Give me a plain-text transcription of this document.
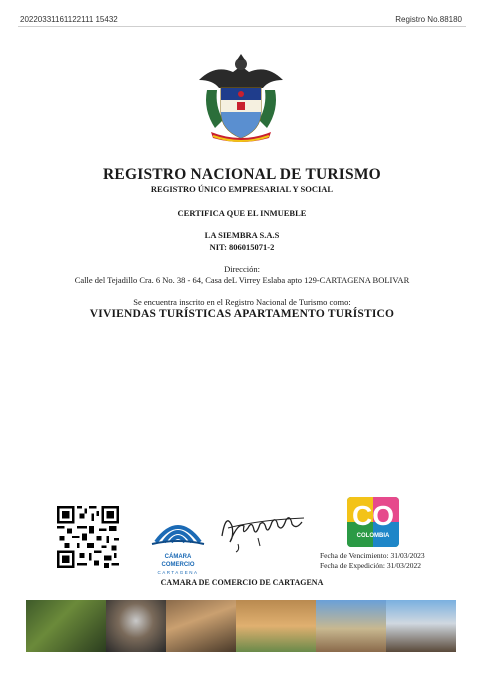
20220331161122111 15432	Registro No.88180
REGISTRO NACIONAL DE TURISMO
REGISTRO ÚNICO EMPRESARIAL Y SOCIAL
CERTIFICA QUE EL INMUEBLE
LA SIEMBRA S.A.S
NIT: 806015071-2
Dirección:
Calle del Tejadillo Cra. 6 No. 38 - 64, Casa deL Virrey Eslaba apto 129-CARTAGENA BOLIVAR
Se encuentra inscrito en el Registro Nacional de Turismo como:
VIVIENDAS TURÍSTICAS APARTAMENTO TURÍSTICO
CÁMARA COMERCIO
CARTAGENA
CO
COLOMBIA
Fecha de Vencimiento: 31/03/2023
Fecha de Expedición: 31/03/2022
CAMARA DE COMERCIO DE CARTAGENA
